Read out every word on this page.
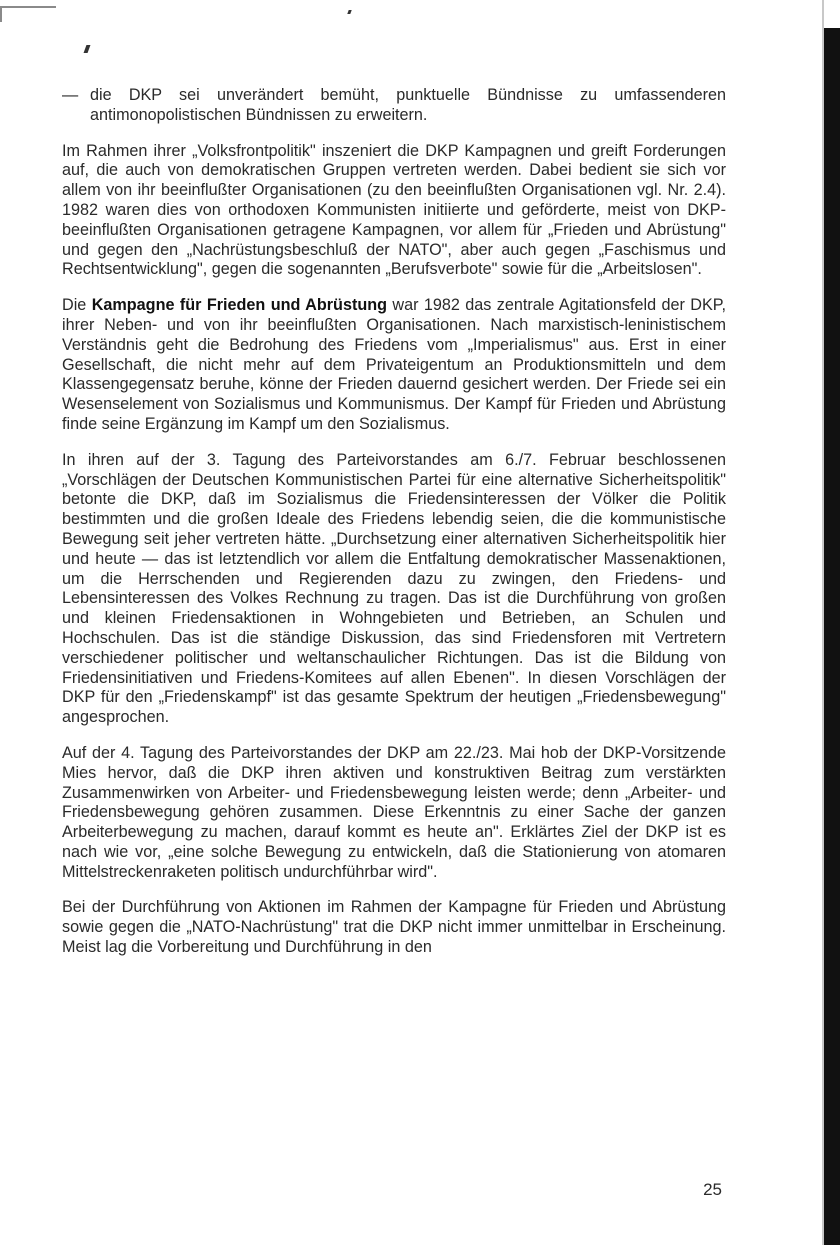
— die DKP sei unverändert bemüht, punktuelle Bündnisse zu umfassenderen antimonopolistischen Bündnissen zu erweitern.

Im Rahmen ihrer „Volksfrontpolitik" inszeniert die DKP Kampagnen und greift Forderungen auf, die auch von demokratischen Gruppen vertreten werden. Dabei bedient sie sich vor allem von ihr beeinflußter Organisationen (zu den beeinflußten Organisationen vgl. Nr. 2.4). 1982 waren dies von orthodoxen Kommunisten initiierte und geförderte, meist von DKP-beeinflußten Organisationen getragene Kampagnen, vor allem für „Frieden und Abrüstung" und gegen den „Nachrüstungsbeschluß der NATO", aber auch gegen „Faschismus und Rechtsentwicklung", gegen die sogenannten „Berufsverbote" sowie für die „Arbeitslosen".

Die Kampagne für Frieden und Abrüstung war 1982 das zentrale Agitationsfeld der DKP, ihrer Neben- und von ihr beeinflußten Organisationen. Nach marxistisch-leninistischem Verständnis geht die Bedrohung des Friedens vom „Imperialismus" aus. Erst in einer Gesellschaft, die nicht mehr auf dem Privateigentum an Produktionsmitteln und dem Klassengegensatz beruhe, könne der Frieden dauernd gesichert werden. Der Friede sei ein Wesenselement von Sozialismus und Kommunismus. Der Kampf für Frieden und Abrüstung finde seine Ergänzung im Kampf um den Sozialismus.

In ihren auf der 3. Tagung des Parteivorstandes am 6./7. Februar beschlossenen „Vorschlägen der Deutschen Kommunistischen Partei für eine alternative Sicherheitspolitik" betonte die DKP, daß im Sozialismus die Friedensinteressen der Völker die Politik bestimmten und die großen Ideale des Friedens lebendig seien, die die kommunistische Bewegung seit jeher vertreten hätte. „Durchsetzung einer alternativen Sicherheitspolitik hier und heute — das ist letztendlich vor allem die Entfaltung demokratischer Massenaktionen, um die Herrschenden und Regierenden dazu zu zwingen, den Friedens- und Lebensinteressen des Volkes Rechnung zu tragen. Das ist die Durchführung von großen und kleinen Friedensaktionen in Wohngebieten und Betrieben, an Schulen und Hochschulen. Das ist die ständige Diskussion, das sind Friedensforen mit Vertretern verschiedener politischer und weltanschaulicher Richtungen. Das ist die Bildung von Friedensinitiativen und Friedens-Komitees auf allen Ebenen". In diesen Vorschlägen der DKP für den „Friedenskampf" ist das gesamte Spektrum der heutigen „Friedensbewegung" angesprochen.

Auf der 4. Tagung des Parteivorstandes der DKP am 22./23. Mai hob der DKP-Vorsitzende Mies hervor, daß die DKP ihren aktiven und konstruktiven Beitrag zum verstärkten Zusammenwirken von Arbeiter- und Friedensbewegung leisten werde; denn „Arbeiter- und Friedensbewegung gehören zusammen. Diese Erkenntnis zu einer Sache der ganzen Arbeiterbewegung zu machen, darauf kommt es heute an". Erklärtes Ziel der DKP ist es nach wie vor, „eine solche Bewegung zu entwickeln, daß die Stationierung von atomaren Mittelstreckenraketen politisch undurchführbar wird".

Bei der Durchführung von Aktionen im Rahmen der Kampagne für Frieden und Abrüstung sowie gegen die „NATO-Nachrüstung" trat die DKP nicht immer unmittelbar in Erscheinung. Meist lag die Vorbereitung und Durchführung in den

25
